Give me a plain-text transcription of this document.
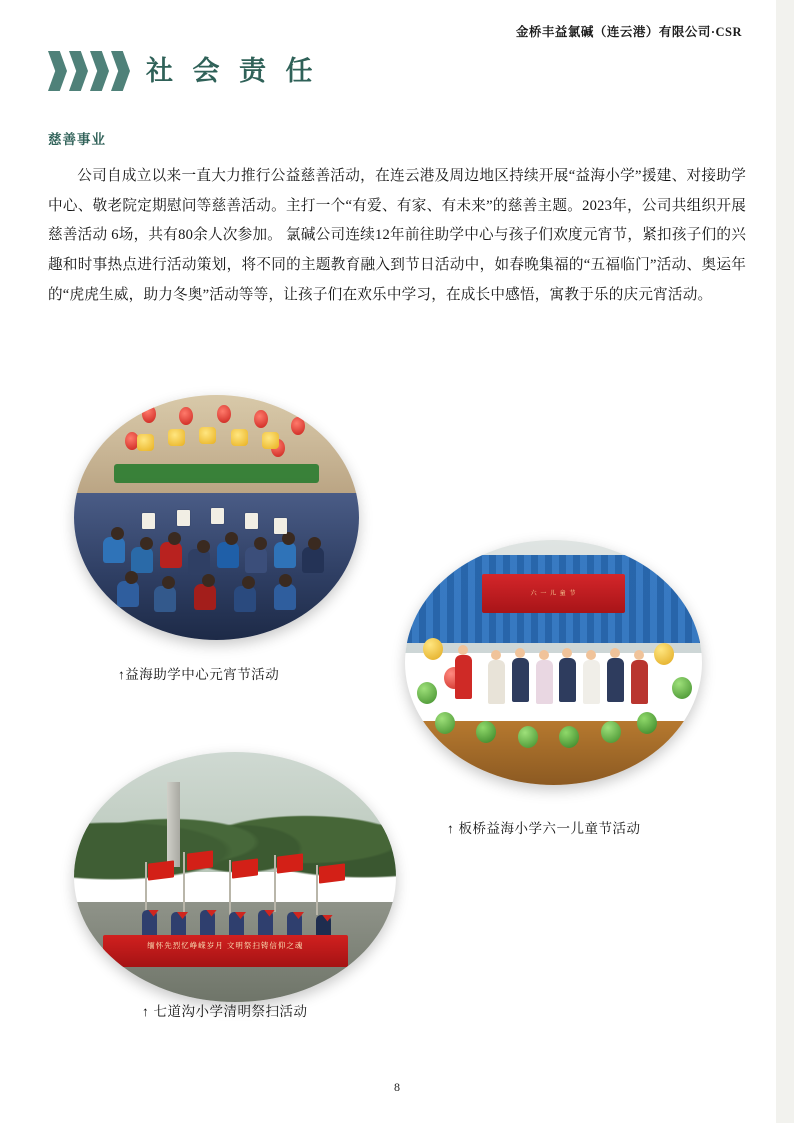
金桥丰益氯碱（连云港）有限公司·CSR
社 会 责 任
慈善事业
公司自成立以来一直大力推行公益慈善活动，在连云港及周边地区持续开展“益海小学”援建、对接助学中心、敬老院定期慰问等慈善活动。主打一个“有爱、有家、有未来”的慈善主题。2023年，公司共组织开展慈善活动 6场，共有80余人次参加。 氯碱公司连续12年前往助学中心与孩子们欢度元宵节，紧扣孩子们的兴趣和时事热点进行活动策划，将不同的主题教育融入到节日活动中，如春晚集福的“五福临门”活动、奥运年的“虎虎生威，助力冬奥”活动等等，让孩子们在欢乐中学习，在成长中感悟，寓教于乐的庆元宵活动。
↑益海助学中心元宵节活动
六 一 儿 童 节
↑ 板桥益海小学六一儿童节活动
缅怀先烈忆峥嵘岁月 文明祭扫铸信仰之魂
↑ 七道沟小学清明祭扫活动
8
